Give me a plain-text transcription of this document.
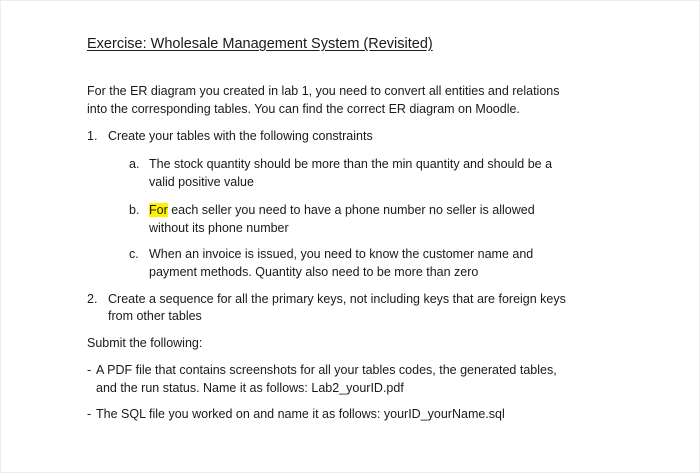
Exercise: Wholesale Management System (Revisited)
For the ER diagram you created in lab 1, you need to convert all entities and relations
into the corresponding tables. You can find the correct ER diagram on Moodle.
1. Create your tables with the following constraints
a. The stock quantity should be more than the min quantity and should be a
valid positive value
b. For each seller you need to have a phone number no seller is allowed
without its phone number
c. When an invoice is issued, you need to know the customer name and
payment methods. Quantity also need to be more than zero
2. Create a sequence for all the primary keys, not including keys that are foreign keys
from other tables
Submit the following:
- A PDF file that contains screenshots for all your tables codes, the generated tables,
and the run status. Name it as follows: Lab2_yourID.pdf
- The SQL file you worked on and name it as follows: yourID_yourName.sql
